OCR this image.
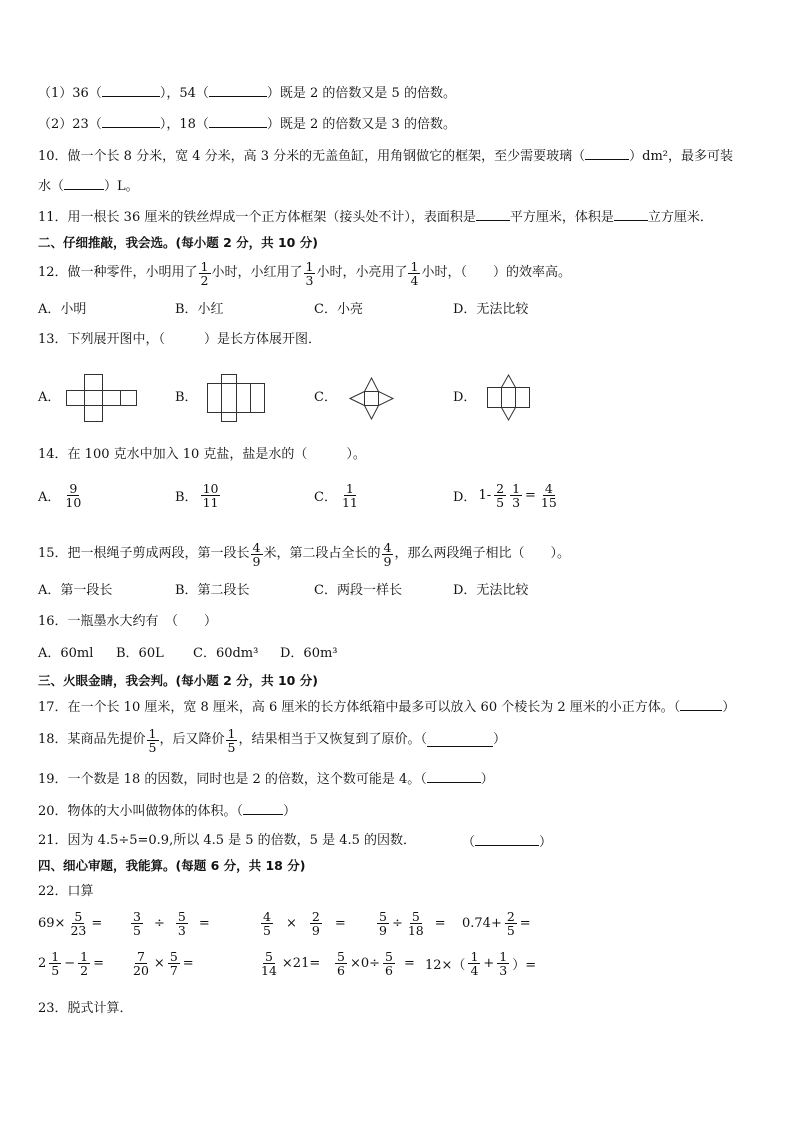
（1）36（	），54（	）既是 2 的倍数又是 5 的倍数。
（2）23（	），18（	）既是 2 的倍数又是 3 的倍数。
10．做一个长 8 分米，宽 4 分米，高 3 分米的无盖鱼缸，用角钢做它的框架，至少需要玻璃（	）dm²，最多可装
水（	）L。
11．用一根长 36 厘米的铁丝焊成一个正方体框架（接头处不计），表面积是	平方厘米，体积是	立方厘米．
二、仔细推敲，我会选。(每小题 2 分，共 10 分)
12．做一种零件，小明用了 $\frac{1}{2}$ 小时，小红用了 $\frac{1}{3}$ 小时，小亮用了 $\frac{1}{4}$ 小时，（　　）的效率高。
A．小明	B．小红	C．小亮	D．无法比较
13．下列展开图中，（　　　）是长方体展开图．
A．	B．	C．	D．
14．在 100 克水中加入 10 克盐，盐是水的（　　　）。
A． $\frac{9}{10}$	B． $\frac{10}{11}$	C． $\frac{1}{11}$	D． $1- \frac{2}{5} \frac{1}{3} = \frac{4}{15}$
15．把一根绳子剪成两段，第一段长 $\frac{4}{9}$ 米，第二段占全长的 $\frac{4}{9}$ ，那么两段绳子相比（　　）。
A．第一段长	B．第二段长	C．两段一样长	D．无法比较
16．一瓶墨水大约有　（　　）
A．60ml B．60L C．60dm³ D．60m³
三、火眼金睛，我会判。(每小题 2 分，共 10 分)
17．在一个长 10 厘米，宽 8 厘米，高 6 厘米的长方体纸箱中最多可以放入 60 个棱长为 2 厘米的小正方体。（	）
18．某商品先提价 $\frac{1}{5}$ ，后又降价 $\frac{1}{5}$ ，结果相当于又恢复到了原价。（	）
19．一个数是 18 的因数，同时也是 2 的倍数，这个数可能是 4。（	）
20．物体的大小叫做物体的体积。（	）
21．因为 4.5÷5=0.9,所以 4.5 是 5 的倍数，5 是 4.5 的因数．	（	）
四、细心审题，我能算。(每题 6 分，共 18 分)
22．口算
$69\times \frac{5}{23} = \frac{3}{5} \div \frac{5}{3}$ =	$\frac{4}{5} \times \frac{2}{9}$ =	$\frac{5}{9} \div \frac{5}{18} = 0.74+ \frac{2}{5}$ =
$2 \frac{1}{5} - \frac{1}{2} = \frac{7}{20} \times \frac{5}{7}$ =	$\frac{5}{14} \times 21= \frac{5}{6} \times 0\div \frac{5}{6} = 12\times( \frac{1}{4} + \frac{1}{3}$ ）=
23．脱式计算．
